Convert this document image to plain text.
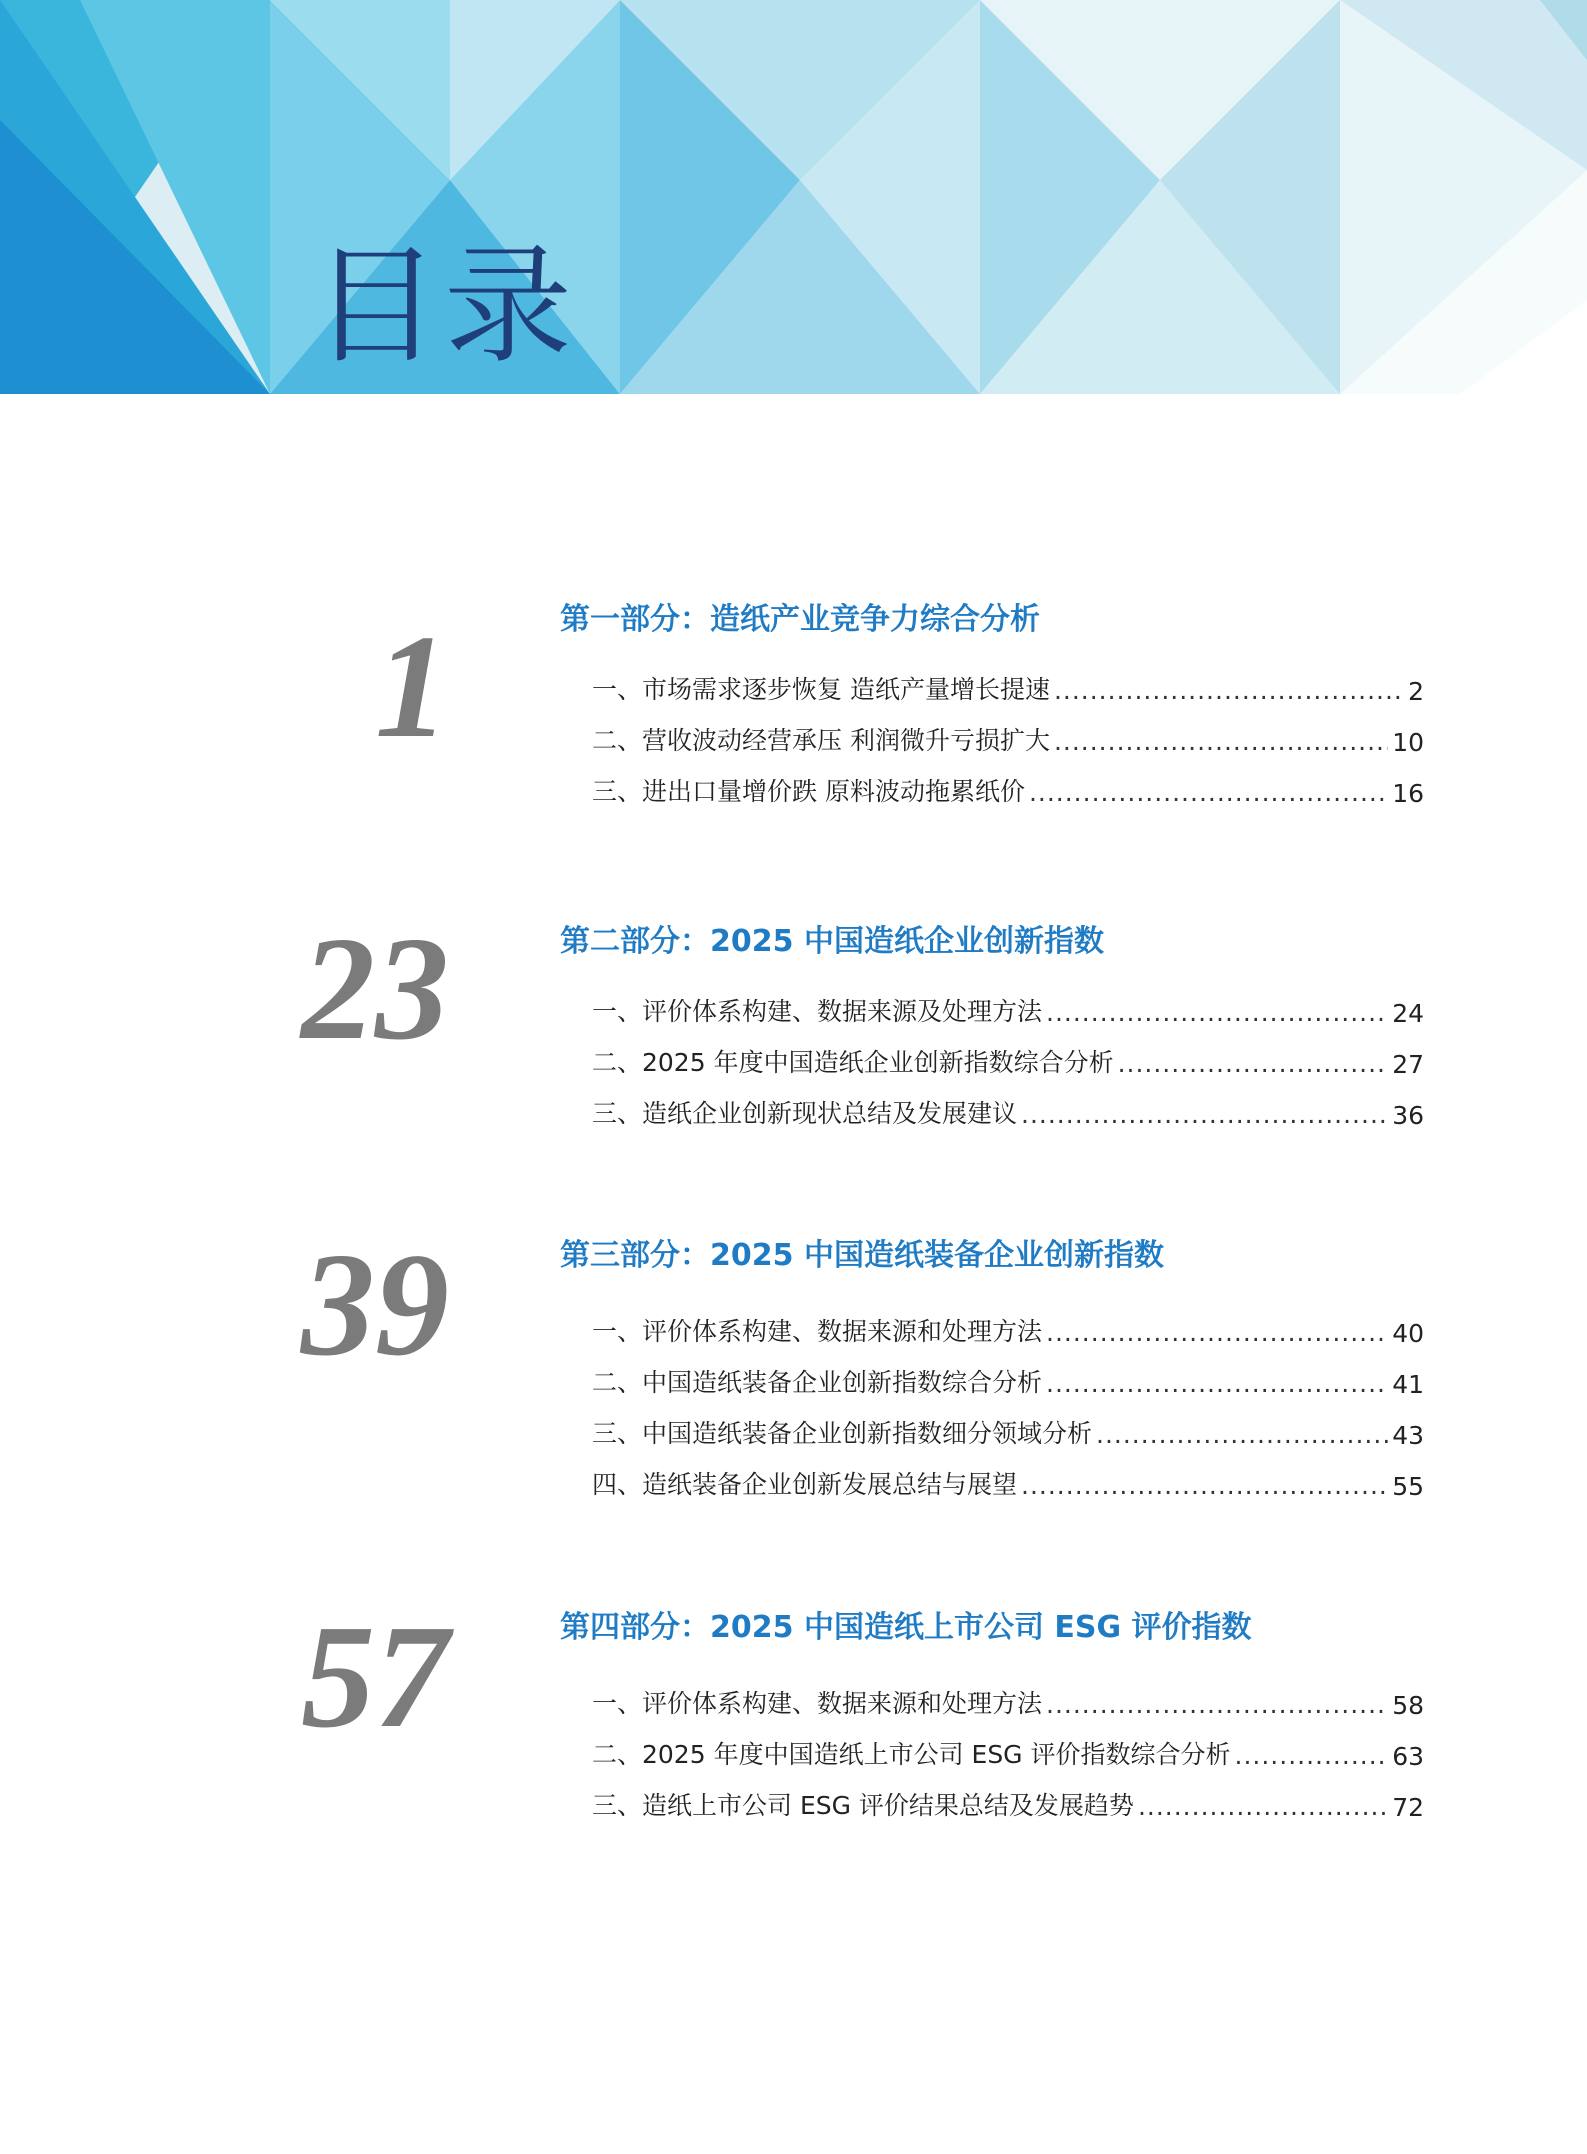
目录
1	第一部分：造纸产业竞争力综合分析
一、市场需求逐步恢复 造纸产量增长提速 .....	2
二、营收波动经营承压 利润微升亏损扩大 .....	10
三、进出口量增价跌 原料波动拖累纸价 .....	16
23	第二部分：2025 中国造纸企业创新指数
一、评价体系构建、数据来源及处理方法 .....	24
二、2025 年度中国造纸企业创新指数综合分析 .....	27
三、造纸企业创新现状总结及发展建议 .....	36
39	第三部分：2025 中国造纸装备企业创新指数
一、评价体系构建、数据来源和处理方法 .....	40
二、中国造纸装备企业创新指数综合分析 .....	41
三、中国造纸装备企业创新指数细分领域分析 .....	43
四、造纸装备企业创新发展总结与展望 .....	55
57	第四部分：2025 中国造纸上市公司 ESG 评价指数
一、评价体系构建、数据来源和处理方法 .....	58
二、2025 年度中国造纸上市公司 ESG 评价指数综合分析 .....	63
三、造纸上市公司 ESG 评价结果总结及发展趋势 .....	72
